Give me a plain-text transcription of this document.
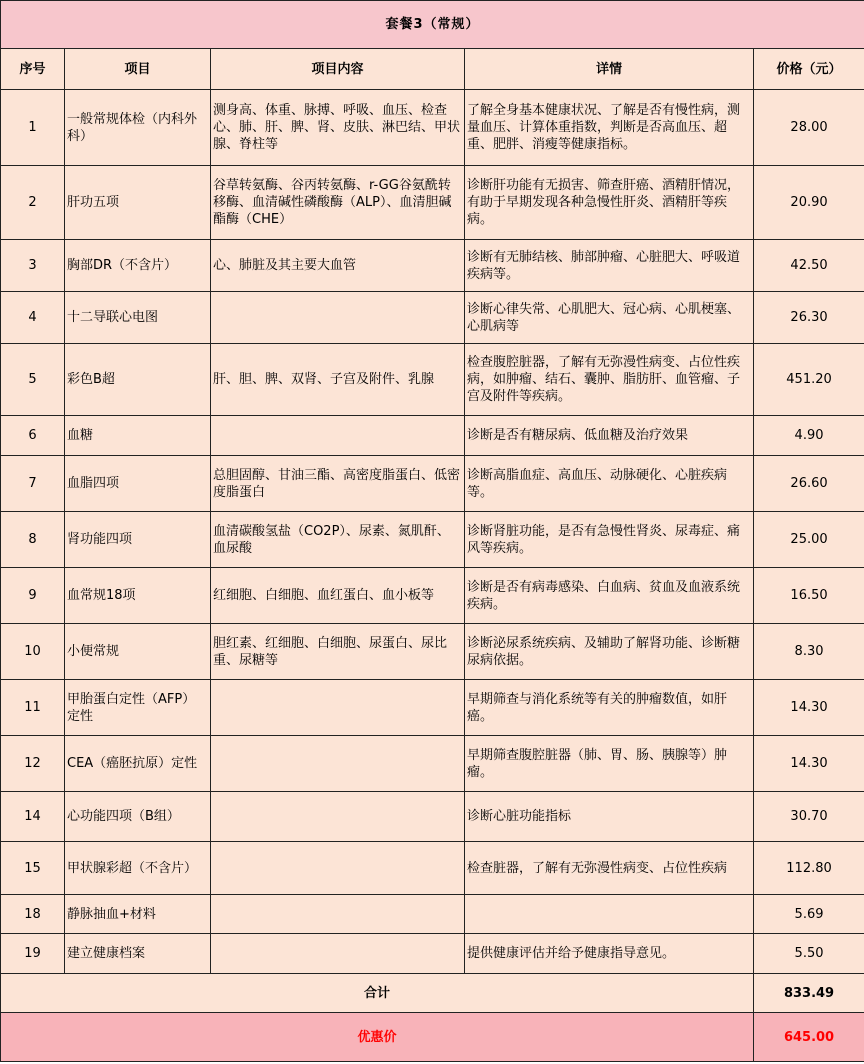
套餐3（常规）				
序号	项目	项目内容	详情	价格（元）
1	一般常规体检（内科外科）	测身高、体重、脉搏、呼吸、血压、检查心、肺、肝、脾、肾、皮肤、淋巴结、甲状腺、脊柱等	了解全身基本健康状况、了解是否有慢性病，测量血压、计算体重指数，判断是否高血压、超重、肥胖、消瘦等健康指标。	28.00
2	肝功五项	谷草转氨酶、谷丙转氨酶、r-GG谷氨酰转移酶、血清碱性磷酸酶（ALP）、血清胆碱酯酶（CHE）	诊断肝功能有无损害、筛查肝癌、酒精肝情况，有助于早期发现各种急慢性肝炎、酒精肝等疾病。	20.90
3	胸部DR（不含片）	心、肺脏及其主要大血管	诊断有无肺结核、肺部肿瘤、心脏肥大、呼吸道疾病等。	42.50
4	十二导联心电图		诊断心律失常、心肌肥大、冠心病、心肌梗塞、心肌病等	26.30
5	彩色B超	肝、胆、脾、双肾、子宫及附件、乳腺	检查腹腔脏器，了解有无弥漫性病变、占位性疾病，如肿瘤、结石、囊肿、脂肪肝、血管瘤、子宫及附件等疾病。	451.20
6	血糖		诊断是否有糖尿病、低血糖及治疗效果	4.90
7	血脂四项	总胆固醇、甘油三酯、高密度脂蛋白、低密度脂蛋白	诊断高脂血症、高血压、动脉硬化、心脏疾病等。	26.60
8	肾功能四项	血清碳酸氢盐（CO2P）、尿素、氮肌酐、血尿酸	诊断肾脏功能，是否有急慢性肾炎、尿毒症、痛风等疾病。	25.00
9	血常规18项	红细胞、白细胞、血红蛋白、血小板等	诊断是否有病毒感染、白血病、贫血及血液系统疾病。	16.50
10	小便常规	胆红素、红细胞、白细胞、尿蛋白、尿比重、尿糖等	诊断泌尿系统疾病、及辅助了解肾功能、诊断糖尿病依据。	8.30
11	甲胎蛋白定性（AFP）定性		早期筛查与消化系统等有关的肿瘤数值，如肝癌。	14.30
12	CEA（癌胚抗原）定性		早期筛查腹腔脏器（肺、胃、肠、胰腺等）肿瘤。	14.30
14	心功能四项（B组）		诊断心脏功能指标	30.70
15	甲状腺彩超（不含片）		检查脏器，了解有无弥漫性病变、占位性疾病	112.80
18	静脉抽血+材料			5.69
19	建立健康档案		提供健康评估并给予健康指导意见。	5.50
合计				833.49
优惠价				645.00
